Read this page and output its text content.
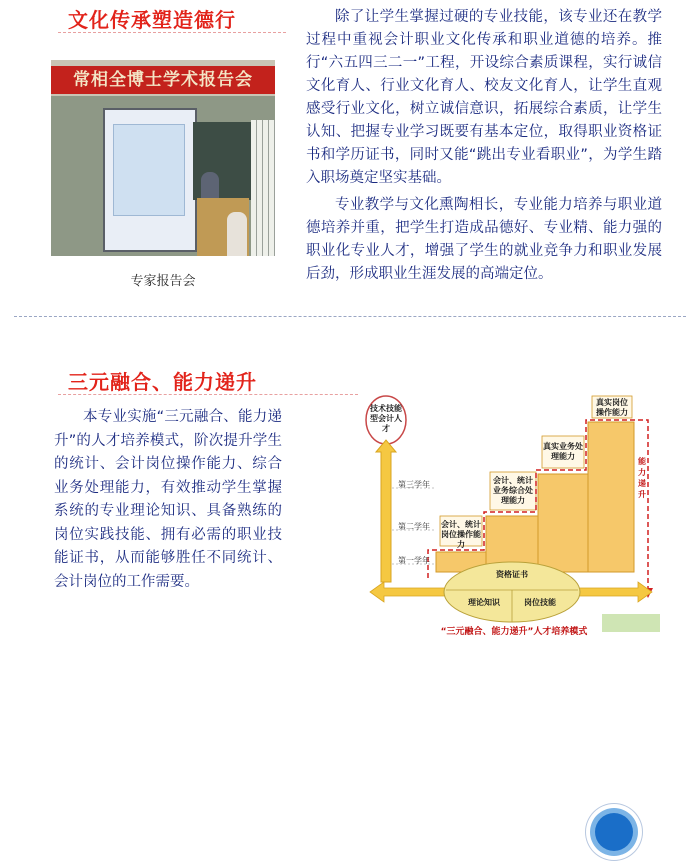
文化传承塑造德行
常相全博士学术报告会
专家报告会

除了让学生掌握过硬的专业技能，该专业还在教学过程中重视会计职业文化传承和职业道德的培养。推行“六五四三二一”工程，开设综合素质课程，实行诚信文化育人、行业文化育人、校友文化育人，让学生直观感受行业文化，树立诚信意识，拓展综合素质，让学生认知、把握专业学习既要有基本定位，取得职业资格证书和学历证书，同时又能“跳出专业看职业”，为学生踏入职场奠定坚实基础。

专业教学与文化熏陶相长，专业能力培养与职业道德培养并重，把学生打造成品德好、专业精、能力强的职业化专业人才，增强了学生的就业竞争力和职业发展后劲，形成职业生涯发展的高端定位。

三元融合、能力递升

本专业实施“三元融合、能力递升”的人才培养模式，阶次提升学生的统计、会计岗位操作能力、综合业务处理能力，有效推动学生掌握系统的专业理论知识、具备熟练的岗位实践技能、拥有必需的职业技能证书，从而能够胜任不同统计、会计岗位的工作需要。

技术技能型会计人才
第三学年
第二学年
第一学年
会计、统计岗位操作能力
会计、统计业务综合处理能力
真实业务处理能力
真实岗位操作能力
能力递升
资格证书
理论知识	岗位技能
“三元融合、能力递升”人才培养模式
